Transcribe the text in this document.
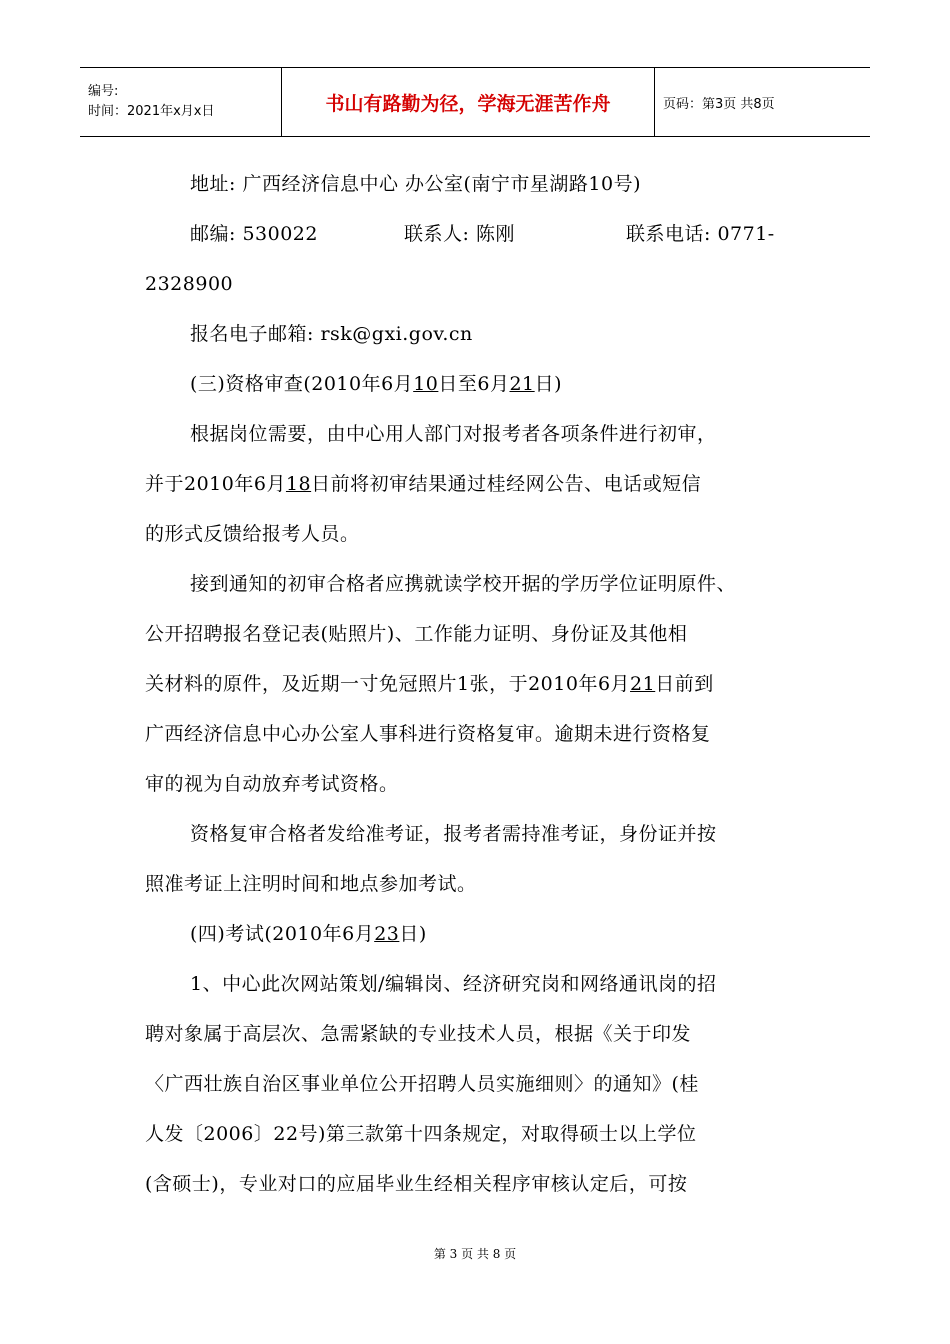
编号:
时间：2021年x月x日	书山有路勤为径，学海无涯苦作舟	页码：第3页 共8页
地址: 广西经济信息中心 办公室(南宁市星湖路10号)
邮编: 530022	联系人: 陈刚	联系电话: 0771-
2328900
报名电子邮箱: rsk@gxi.gov.cn
(三)资格审查(2010年6月10日至6月21日)
根据岗位需要，由中心用人部门对报考者各项条件进行初审，
并于2010年6月18日前将初审结果通过桂经网公告、电话或短信
的形式反馈给报考人员。
接到通知的初审合格者应携就读学校开据的学历学位证明原件、
公开招聘报名登记表(贴照片)、工作能力证明、身份证及其他相
关材料的原件，及近期一寸免冠照片1张，于2010年6月21日前到
广西经济信息中心办公室人事科进行资格复审。逾期未进行资格复
审的视为自动放弃考试资格。
资格复审合格者发给准考证，报考者需持准考证，身份证并按
照准考证上注明时间和地点参加考试。
(四)考试(2010年6月23日)
1、中心此次网站策划/编辑岗、经济研究岗和网络通讯岗的招
聘对象属于高层次、急需紧缺的专业技术人员，根据《关于印发
〈广西壮族自治区事业单位公开招聘人员实施细则〉的通知》(桂
人发〔2006〕22号)第三款第十四条规定，对取得硕士以上学位
(含硕士)，专业对口的应届毕业生经相关程序审核认定后，可按
第 3 页 共 8 页
